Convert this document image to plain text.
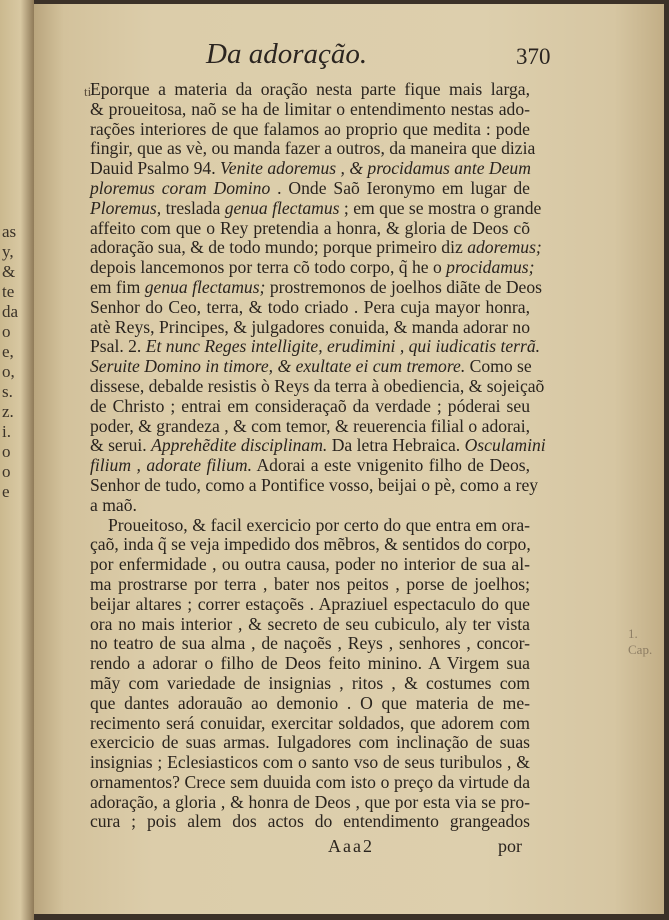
as
y,
&
te
da
o
e,
o,
s.
z.
i.
o
o
e
Da adoração.	370
ti
1. Cap.
Eporque a materia da oração nesta parte fique mais larga,
& proueitosa, naõ se ha de limitar o entendimento nestas ado-
rações interiores de que falamos ao proprio que medita : pode
fingir, que as vè, ou manda fazer a outros, da maneira que dizia
Dauid Psalmo 94. Venite adoremus , & procidamus ante Deum
ploremus coram Domino . Onde Saõ Ieronymo em lugar de
Ploremus, treslada genua flectamus ; em que se mostra o grande
affeito com que o Rey pretendia a honra, & gloria de Deos cõ
adoração sua, & de todo mundo; porque primeiro diz adoremus;
depois lancemonos por terra cõ todo corpo, q̃ he o procidamus;
em fim genua flectamus; prostremonos de joelhos diãte de Deos
Senhor do Ceo, terra, & todo criado . Pera cuja mayor honra,
atè Reys, Principes, & julgadores conuida, & manda adorar no
Psal. 2. Et nunc Reges intelligite, erudimini , qui iudicatis terrã.
Seruite Domino in timore, & exultate ei cum tremore. Como se
dissese, debalde resistis ò Reys da terra à obediencia, & sojeiçaõ
de Christo ; entrai em consideraçaõ da verdade ; póderai seu
poder, & grandeza , & com temor, & reuerencia filial o adorai,
& serui. Apprehẽdite disciplinam. Da letra Hebraica. Osculamini
filium , adorate filium. Adorai a este vnigenito filho de Deos,
Senhor de tudo, como a Pontifice vosso, beijai o pè, como a rey
a maõ.
Proueitoso, & facil exercicio por certo do que entra em ora-
çaõ, inda q̃ se veja impedido dos mẽbros, & sentidos do corpo,
por enfermidade , ou outra causa, poder no interior de sua al-
ma prostrarse por terra , bater nos peitos , porse de joelhos;
beijar altares ; correr estaçoẽs . Apraziuel espectaculo do que
ora no mais interior , & secreto de seu cubiculo, aly ter vista
no teatro de sua alma , de naçoẽs , Reys , senhores , concor-
rendo a adorar o filho de Deos feito minino. A Virgem sua
mãy com variedade de insignias , ritos , & costumes com
que dantes adorauão ao demonio . O que materia de me-
recimento será conuidar, exercitar soldados, que adorem com
exercicio de suas armas. Iulgadores com inclinação de suas
insignias ; Eclesiasticos com o santo vso de seus turibulos , &
ornamentos? Crece sem duuida com isto o preço da virtude da
adoração, a gloria , & honra de Deos , que por esta via se pro-
cura ; pois alem dos actos do entendimento grangeados
Aaa2	por
